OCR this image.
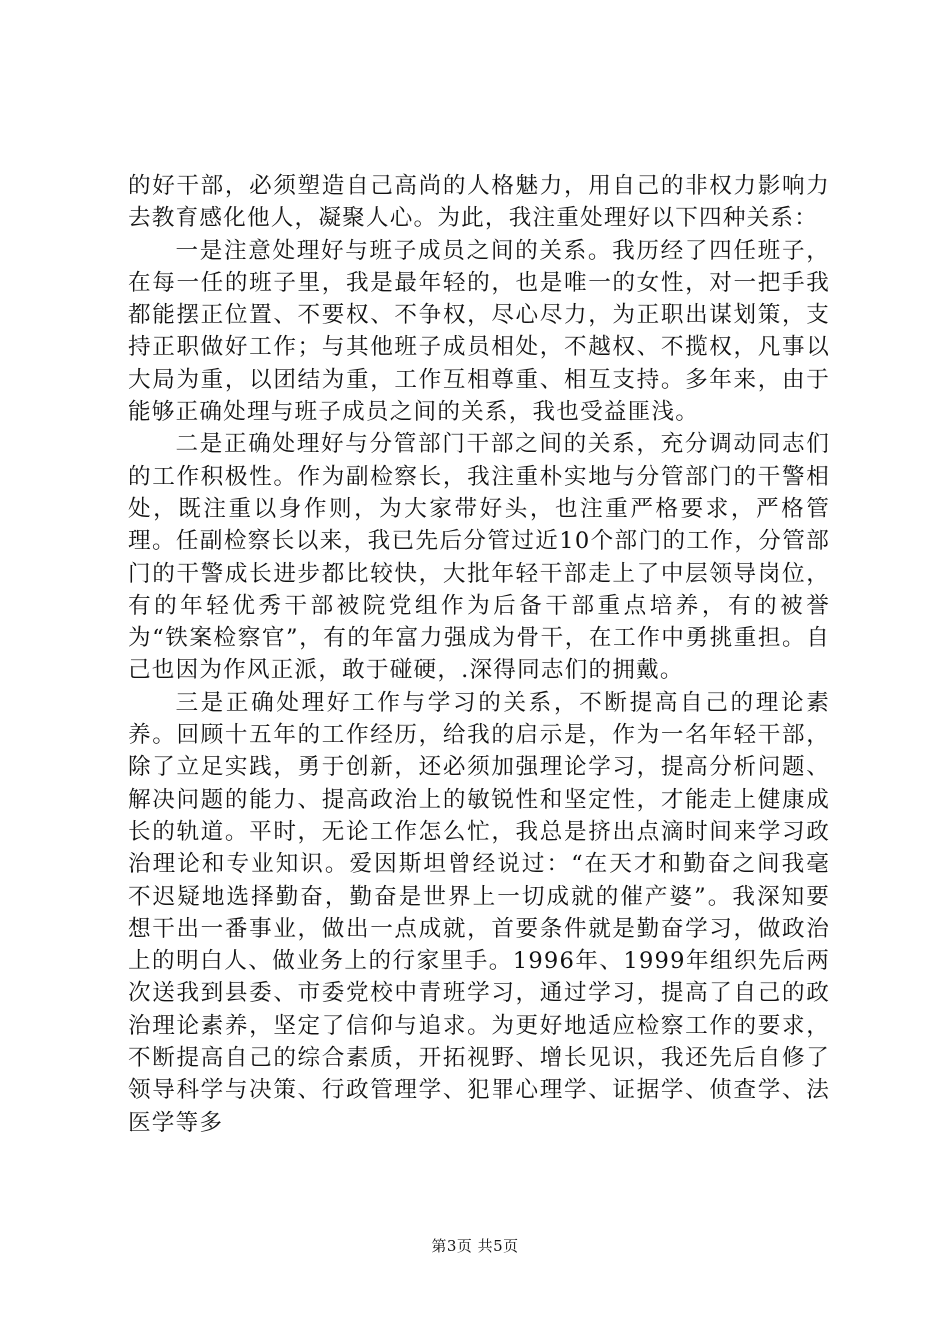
的好干部，必须塑造自己高尚的人格魅力，用自己的非权力影响力去教育感化他人，凝聚人心。为此，我注重处理好以下四种关系：

一是注意处理好与班子成员之间的关系。我历经了四任班子，在每一任的班子里，我是最年轻的，也是唯一的女性，对一把手我都能摆正位置、不要权、不争权，尽心尽力，为正职出谋划策，支持正职做好工作；与其他班子成员相处，不越权、不揽权，凡事以大局为重，以团结为重，工作互相尊重、相互支持。多年来，由于能够正确处理与班子成员之间的关系，我也受益匪浅。

二是正确处理好与分管部门干部之间的关系，充分调动同志们的工作积极性。作为副检察长，我注重朴实地与分管部门的干警相处，既注重以身作则，为大家带好头，也注重严格要求，严格管理。任副检察长以来，我已先后分管过近10个部门的工作，分管部门的干警成长进步都比较快，大批年轻干部走上了中层领导岗位，有的年轻优秀干部被院党组作为后备干部重点培养，有的被誉为“铁案检察官”，有的年富力强成为骨干，在工作中勇挑重担。自己也因为作风正派，敢于碰硬，.深得同志们的拥戴。

三是正确处理好工作与学习的关系，不断提高自己的理论素养。回顾十五年的工作经历，给我的启示是，作为一名年轻干部，除了立足实践，勇于创新，还必须加强理论学习，提高分析问题、解决问题的能力、提高政治上的敏锐性和坚定性，才能走上健康成长的轨道。平时，无论工作怎么忙，我总是挤出点滴时间来学习政治理论和专业知识。爱因斯坦曾经说过：“在天才和勤奋之间我毫不迟疑地选择勤奋，勤奋是世界上一切成就的催产婆”。我深知要想干出一番事业，做出一点成就，首要条件就是勤奋学习，做政治上的明白人、做业务上的行家里手。1996年、1999年组织先后两次送我到县委、市委党校中青班学习，通过学习，提高了自己的政治理论素养，坚定了信仰与追求。为更好地适应检察工作的要求，不断提高自己的综合素质，开拓视野、增长见识，我还先后自修了领导科学与决策、行政管理学、犯罪心理学、证据学、侦查学、法医学等多

第3页 共5页
